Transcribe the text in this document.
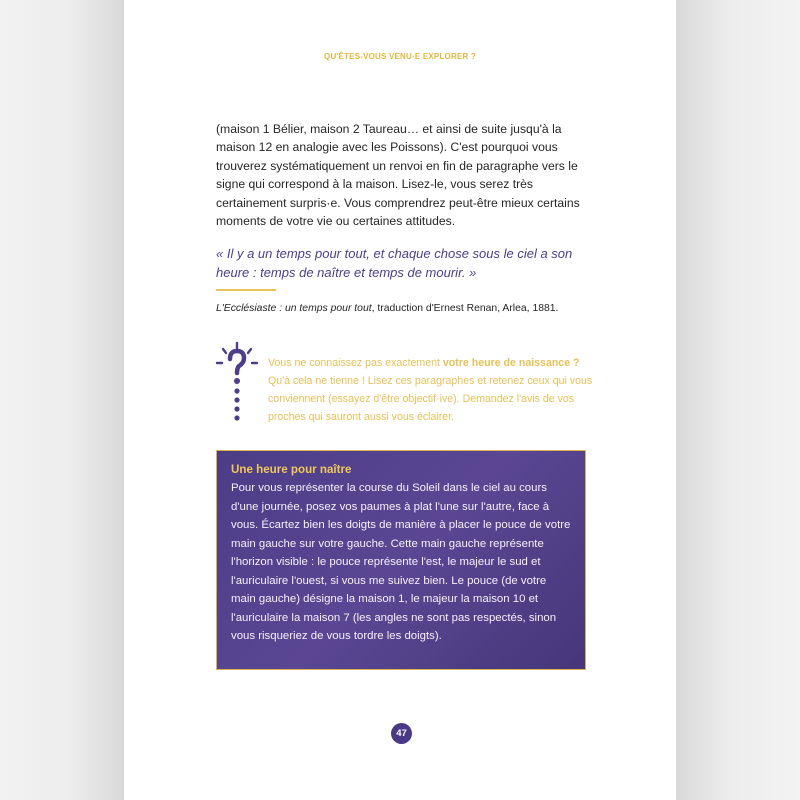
QU'ÊTES-VOUS VENU·E EXPLORER ?

(maison 1 Bélier, maison 2 Taureau… et ainsi de suite jusqu'à la maison 12 en analogie avec les Poissons). C'est pourquoi vous trouverez systématiquement un renvoi en fin de paragraphe vers le signe qui correspond à la maison. Lisez-le, vous serez très certainement surpris·e. Vous comprendrez peut-être mieux certains moments de votre vie ou certaines attitudes.

« Il y a un temps pour tout, et chaque chose sous le ciel a son heure : temps de naître et temps de mourir. »

L'Ecclésiaste : un temps pour tout, traduction d'Ernest Renan, Arlea, 1881.

Vous ne connaissez pas exactement votre heure de naissance ? Qu'à cela ne tienne ! Lisez ces paragraphes et retenez ceux qui vous conviennent (essayez d'être objectif·ive). Demandez l'avis de vos proches qui sauront aussi vous éclairer.

Une heure pour naître

Pour vous représenter la course du Soleil dans le ciel au cours d'une journée, posez vos paumes à plat l'une sur l'autre, face à vous. Écartez bien les doigts de manière à placer le pouce de votre main gauche sur votre gauche. Cette main gauche représente l'horizon visible : le pouce représente l'est, le majeur le sud et l'auriculaire l'ouest, si vous me suivez bien. Le pouce (de votre main gauche) désigne la maison 1, le majeur la maison 10 et l'auriculaire la maison 7 (les angles ne sont pas respectés, sinon vous risqueriez de vous tordre les doigts).

47
